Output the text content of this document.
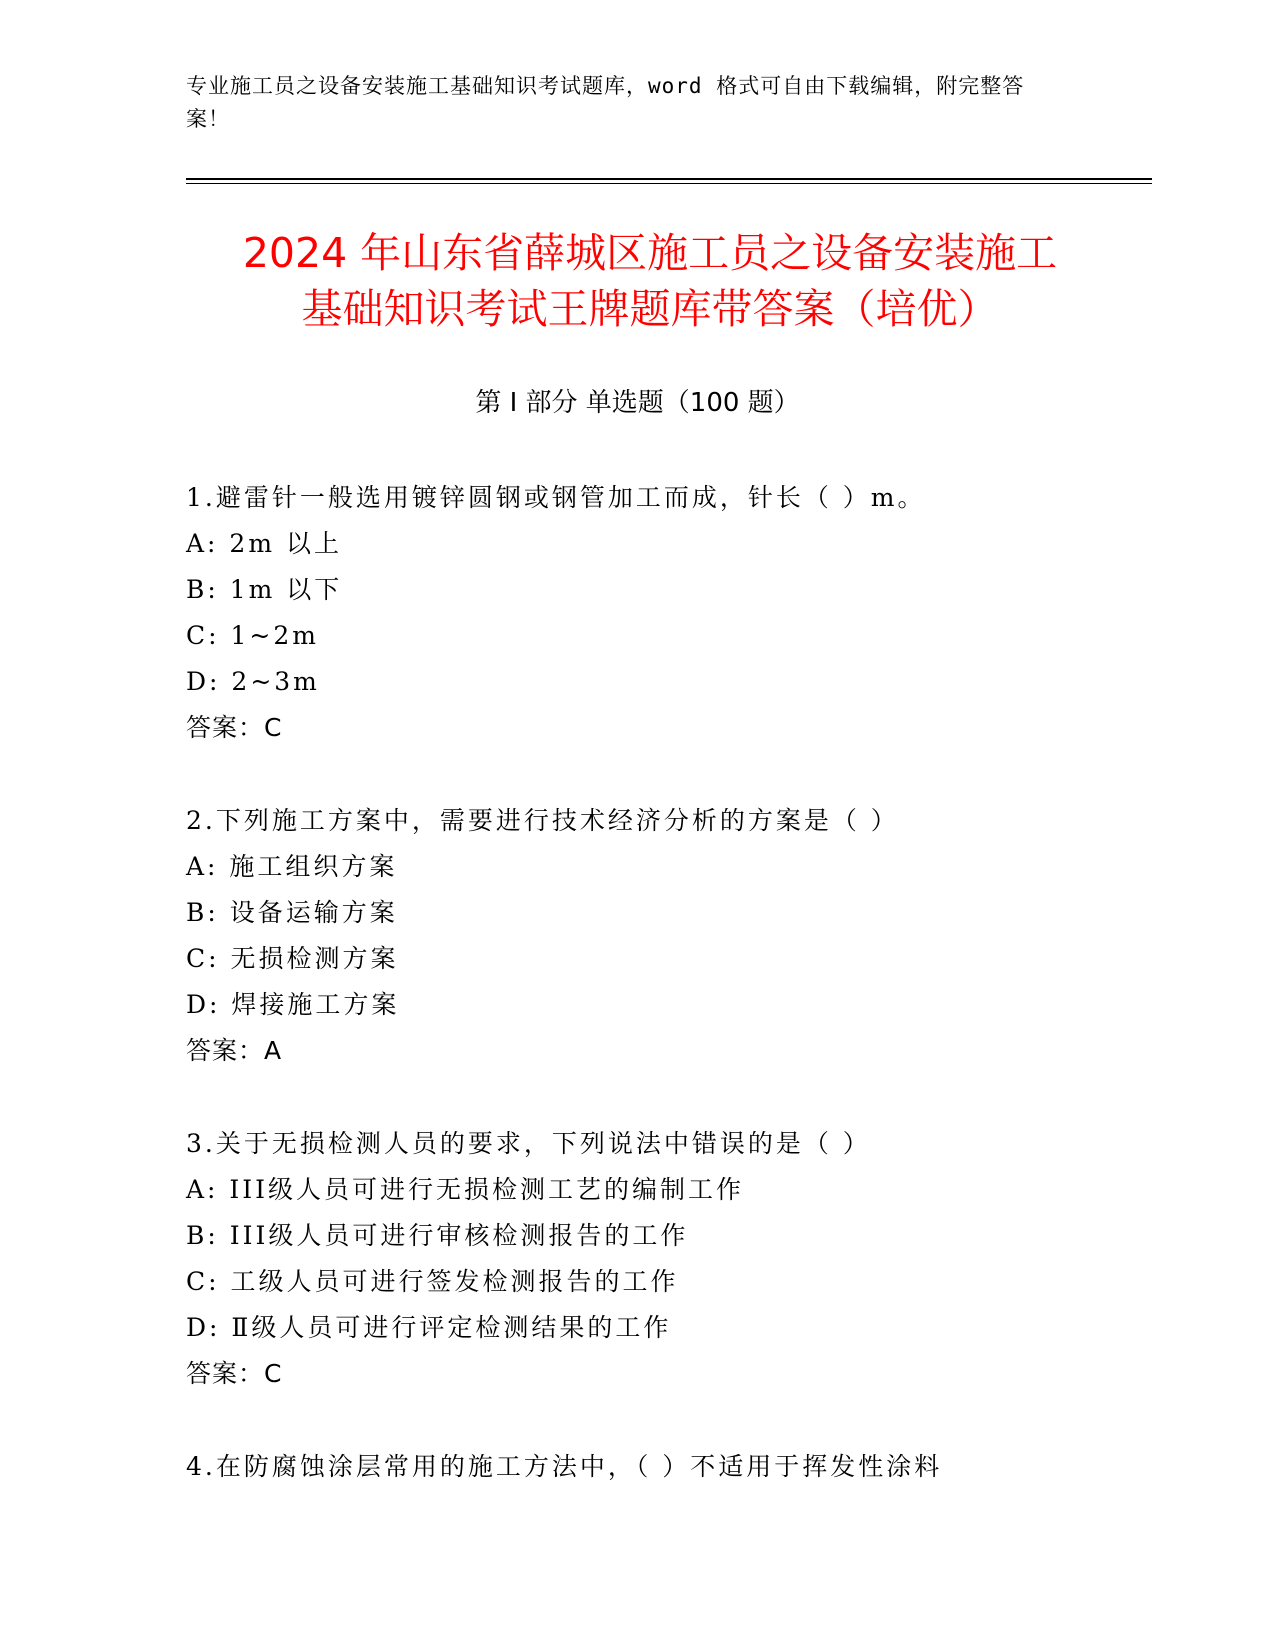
专业施工员之设备安装施工基础知识考试题库，word 格式可自由下载编辑，附完整答案！
2024 年山东省薛城区施工员之设备安装施工
基础知识考试王牌题库带答案（培优）
第 I 部分 单选题（100 题）
1.避雷针一般选用镀锌圆钢或钢管加工而成，针长（ ）m。
A: 2m 以上
B: 1m 以下
C: 1~2m
D: 2~3m
答案：C
2.下列施工方案中，需要进行技术经济分析的方案是（ ）
A: 施工组织方案
B: 设备运输方案
C: 无损检测方案
D: 焊接施工方案
答案：A
3.关于无损检测人员的要求，下列说法中错误的是（ ）
A: III级人员可进行无损检测工艺的编制工作
B: III级人员可进行审核检测报告的工作
C: 工级人员可进行签发检测报告的工作
D: Ⅱ级人员可进行评定检测结果的工作
答案：C
4.在防腐蚀涂层常用的施工方法中，（ ）不适用于挥发性涂料
